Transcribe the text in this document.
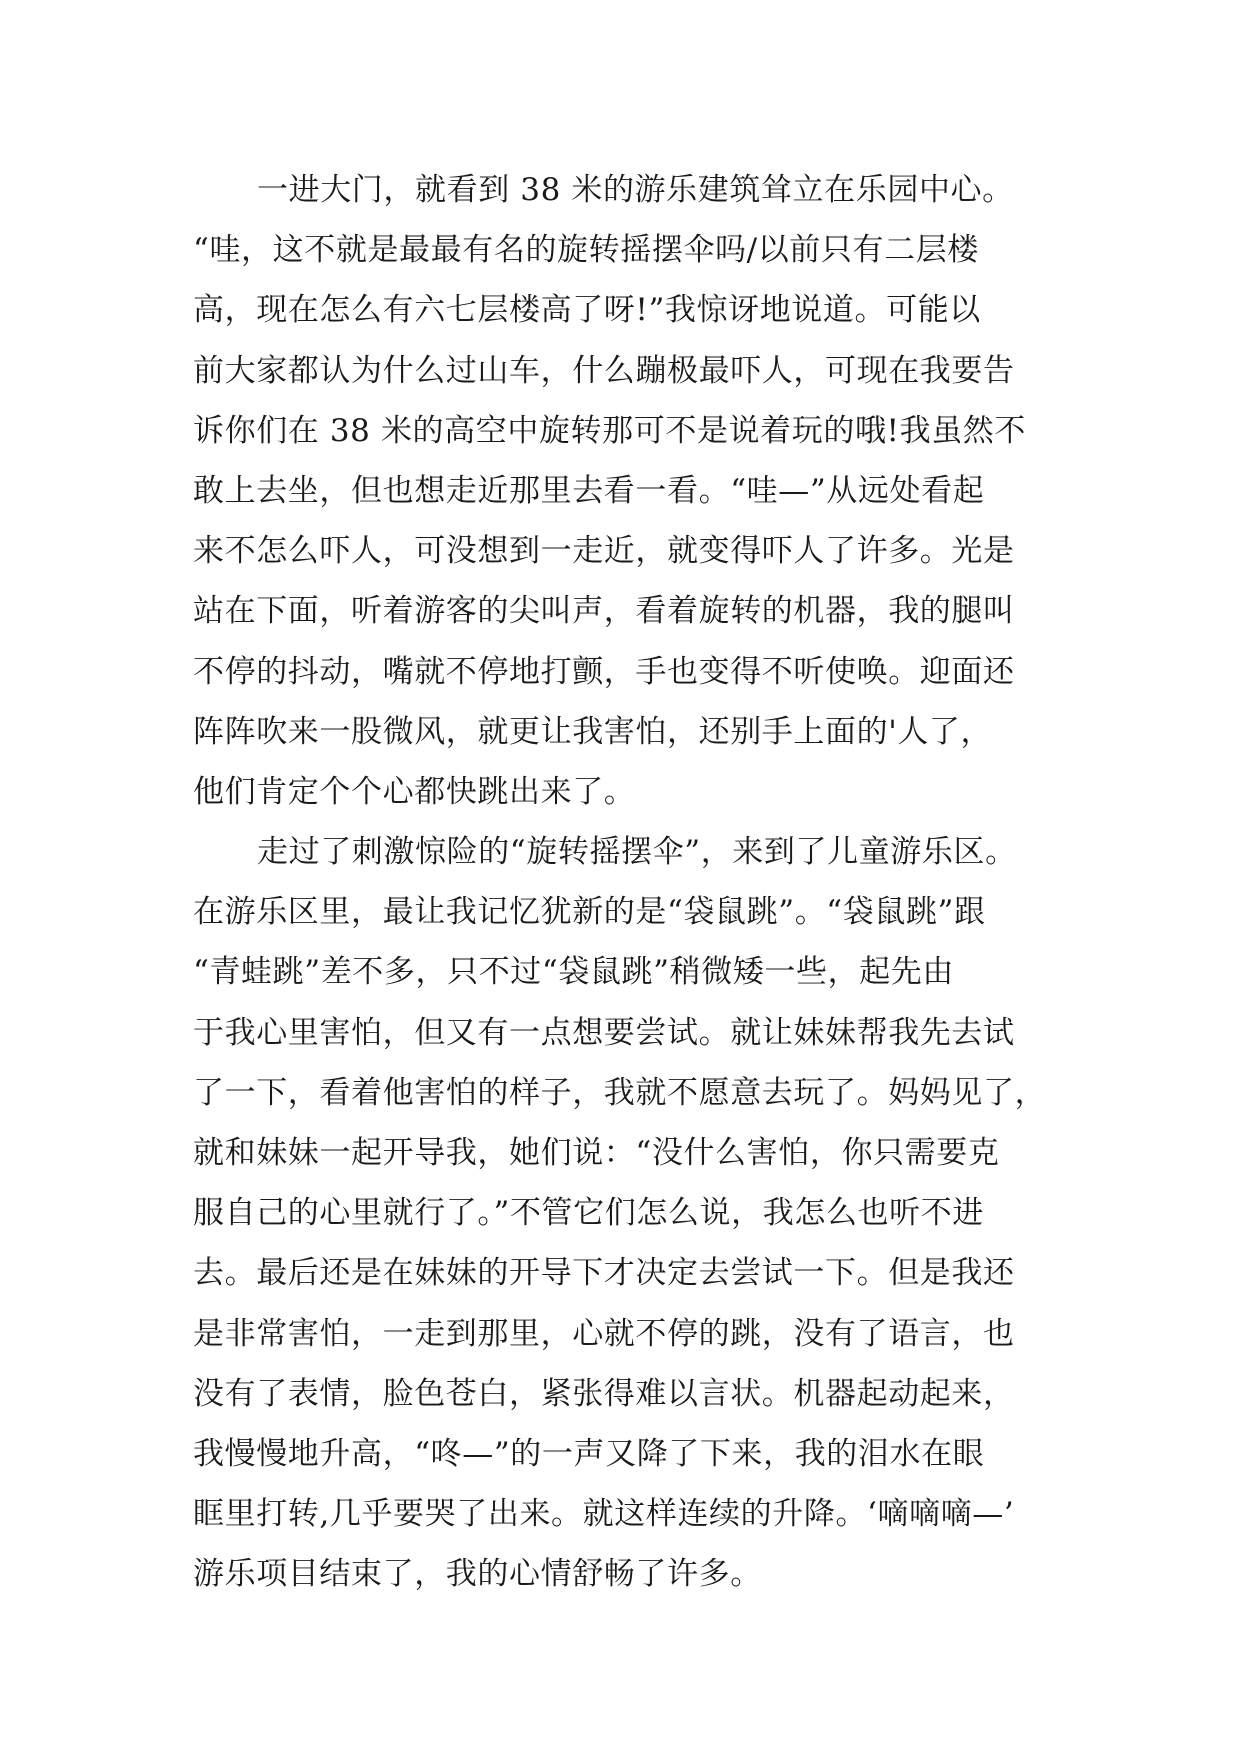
一进大门，就看到 38 米的游乐建筑耸立在乐园中心。
“哇，这不就是最最有名的旋转摇摆伞吗/以前只有二层楼
高，现在怎么有六七层楼高了呀!”我惊讶地说道。可能以
前大家都认为什么过山车，什么蹦极最吓人，可现在我要告
诉你们在 38 米的高空中旋转那可不是说着玩的哦!我虽然不
敢上去坐，但也想走近那里去看一看。“哇—”从远处看起
来不怎么吓人，可没想到一走近，就变得吓人了许多。光是
站在下面，听着游客的尖叫声，看着旋转的机器，我的腿叫
不停的抖动，嘴就不停地打颤，手也变得不听使唤。迎面还
阵阵吹来一股微风，就更让我害怕，还别手上面的'人了，
他们肯定个个心都快跳出来了。
走过了刺激惊险的“旋转摇摆伞”，来到了儿童游乐区。
在游乐区里，最让我记忆犹新的是“袋鼠跳”。“袋鼠跳”跟
“青蛙跳”差不多，只不过“袋鼠跳”稍微矮一些，起先由
于我心里害怕，但又有一点想要尝试。就让妹妹帮我先去试
了一下，看着他害怕的样子，我就不愿意去玩了。妈妈见了，
就和妹妹一起开导我，她们说：“没什么害怕，你只需要克
服自己的心里就行了。”不管它们怎么说，我怎么也听不进
去。最后还是在妹妹的开导下才决定去尝试一下。但是我还
是非常害怕，一走到那里，心就不停的跳，没有了语言，也
没有了表情，脸色苍白，紧张得难以言状。机器起动起来，
我慢慢地升高，“咚—”的一声又降了下来，我的泪水在眼
眶里打转,几乎要哭了出来。就这样连续的升降。‘嘀嘀嘀—’
游乐项目结束了，我的心情舒畅了许多。
